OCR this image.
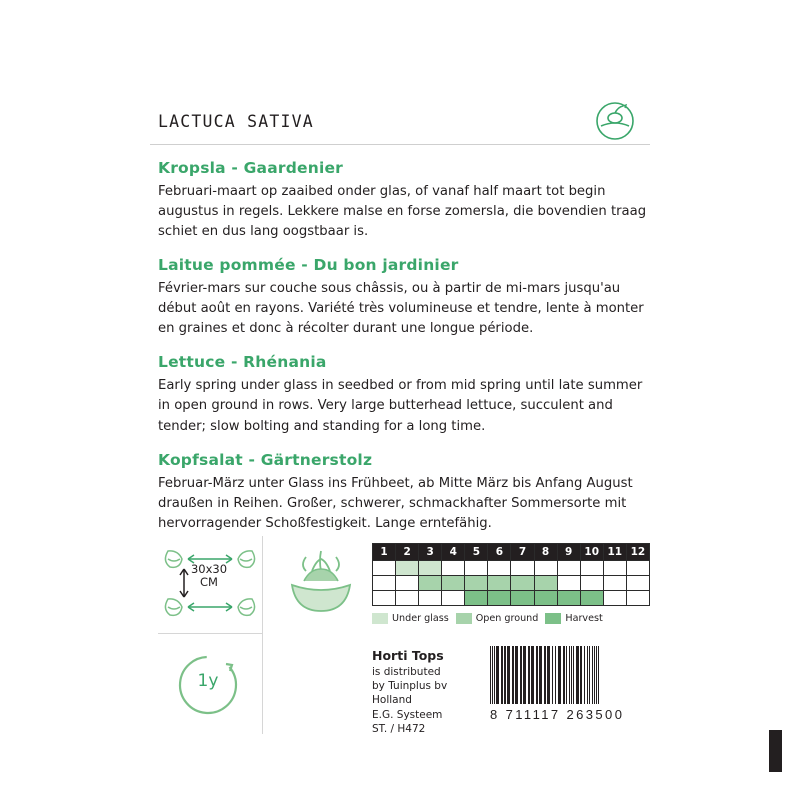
LACTUCA SATIVA
Kropsla - Gaardenier
Februari-maart op zaaibed onder glas, of vanaf half maart tot begin augustus in regels. Lekkere malse en forse zomersla, die bovendien traag schiet en dus lang oogstbaar is.
Laitue pommée - Du bon jardinier
Février-mars sur couche sous châssis, ou à partir de mi-mars jusqu'au début août en rayons. Variété très volumineuse et tendre, lente à monter en graines et donc à récolter durant une longue période.
Lettuce - Rhénania
Early spring under glass in seedbed or from mid spring until late summer in open ground in rows. Very large butterhead lettuce, succulent and tender; slow bolting and standing for a long time.
Kopfsalat - Gärtnerstolz
Februar-März unter Glass ins Frühbeet, ab Mitte März bis Anfang August draußen in Reihen. Großer, schwerer, schmackhafter Sommersorte mit hervorragender Schoßfestigkeit. Lange erntefähig.
30x30
CM
1y
1	2	3	4	5	6	7	8	9	10	11	12

Under glass	Open ground	Harvest
Horti Tops
is distributed
by Tuinplus bv
Holland
E.G. Systeem
ST. / H472
8 711117 263500
